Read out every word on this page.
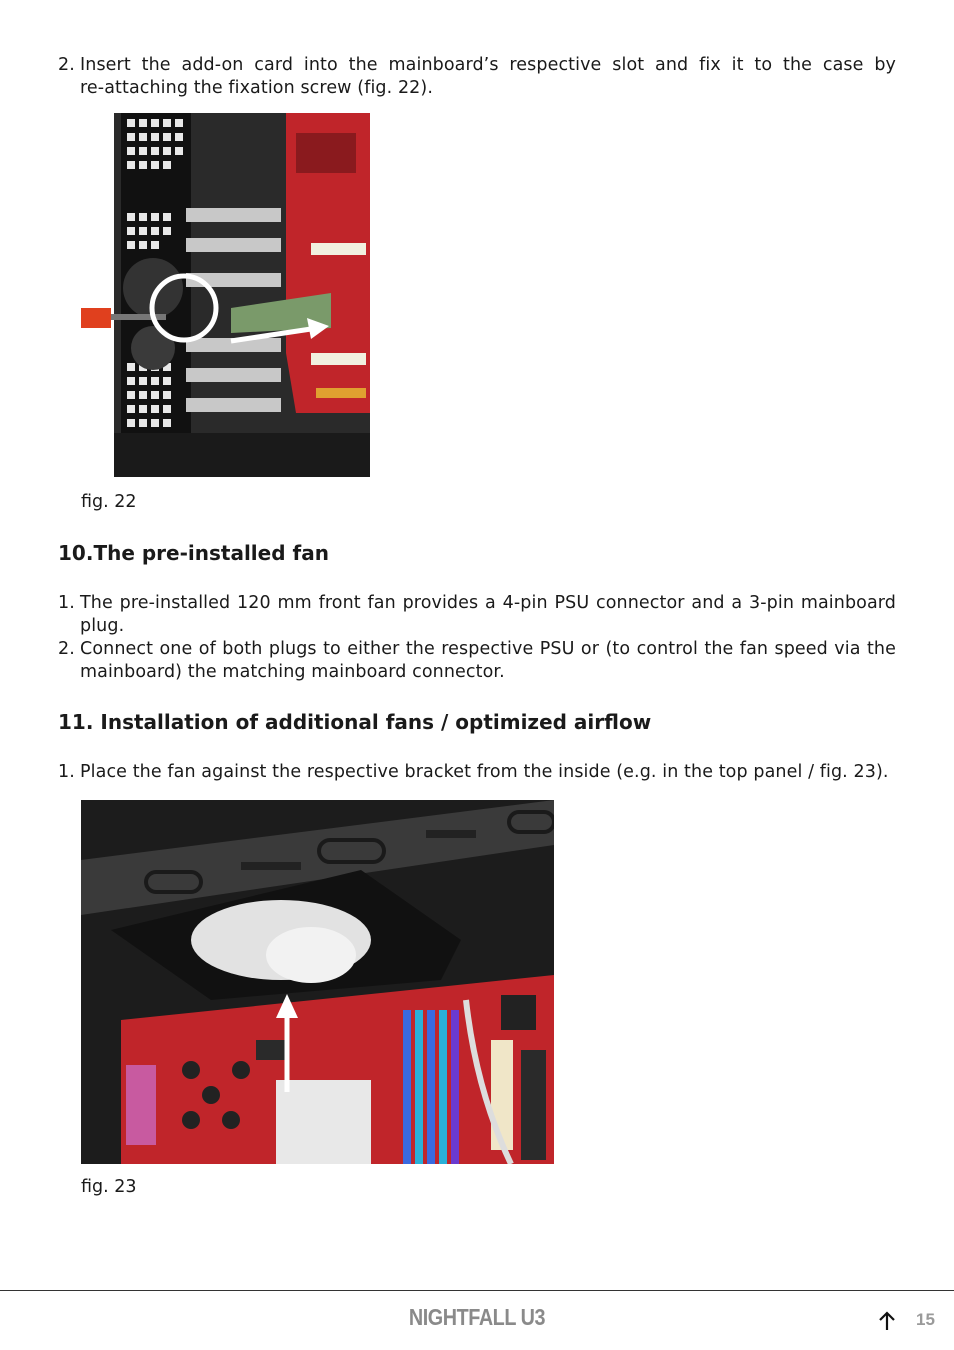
2. Insert the add-on card into the mainboard’s respective slot and fix it to the case by
re-attaching the fixation screw (fig. 22).
fig. 22
10.The pre-installed fan
1. The pre-installed 120 mm front fan provides a 4-pin PSU connector and a 3-pin mainboard
plug.
2. Connect one of both plugs to either the respective PSU or (to control the fan speed via the
mainboard) the matching mainboard connector.
11. Installation of additional fans / optimized airflow
1. Place the fan against the respective bracket from the inside (e.g. in the top panel / fig. 23).
fig. 23
NIGHTFALL U3	15
